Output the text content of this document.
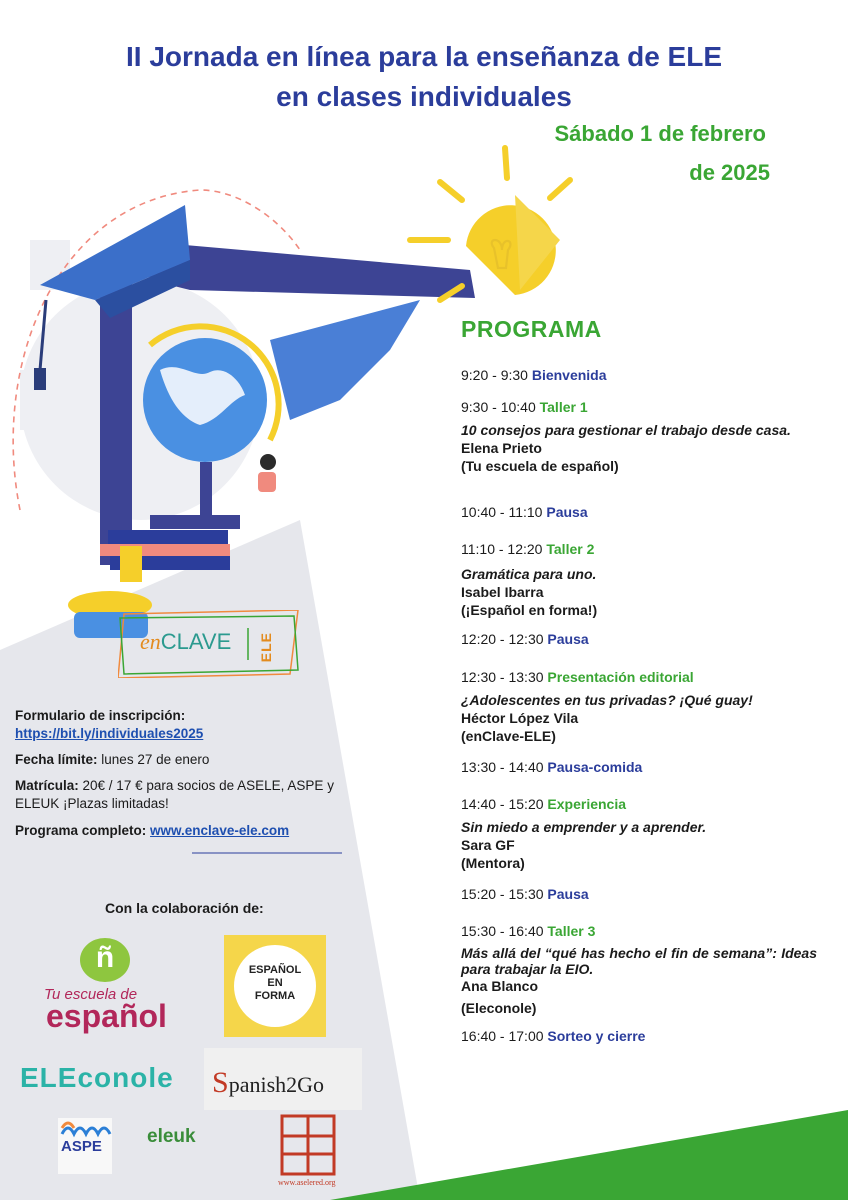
II Jornada en línea para la enseñanza de ELE
en clases individuales
Sábado 1 de febrero
de 2025
PROGRAMA
9:20 - 9:30 Bienvenida
9:30 - 10:40 Taller 1
10 consejos para gestionar el trabajo desde casa.
Elena Prieto
(Tu escuela de español)
10:40 - 11:10 Pausa
11:10 - 12:20 Taller 2
Gramática para uno.
Isabel Ibarra
(¡Español en forma!)
12:20 - 12:30 Pausa
12:30 - 13:30 Presentación editorial
¿Adolescentes en tus privadas? ¡Qué guay!
Héctor López Vila
(enClave-ELE)
13:30 - 14:40 Pausa-comida
14:40 - 15:20 Experiencia
Sin miedo a emprender y a aprender.
Sara GF
(Mentora)
15:20 - 15:30 Pausa
15:30 - 16:40 Taller 3
Más allá del “qué has hecho el fin de semana”: Ideas para trabajar la EIO.
Ana Blanco
(Eleconole)
16:40 - 17:00 Sorteo y cierre
enCLAVE ELE
Formulario de inscripción:
https://bit.ly/individuales2025
Fecha límite: lunes 27 de enero
Matrícula: 20€ / 17 € para socios de ASELE, ASPE y ELEUK ¡Plazas limitadas!
Programa completo: www.enclave-ele.com
Con la colaboración de:
ñ
Tu escuela de
español
ESPAÑOL
EN
FORMA
ELEconole Spanish2Go
ASPE eleuk
www.aselered.org
